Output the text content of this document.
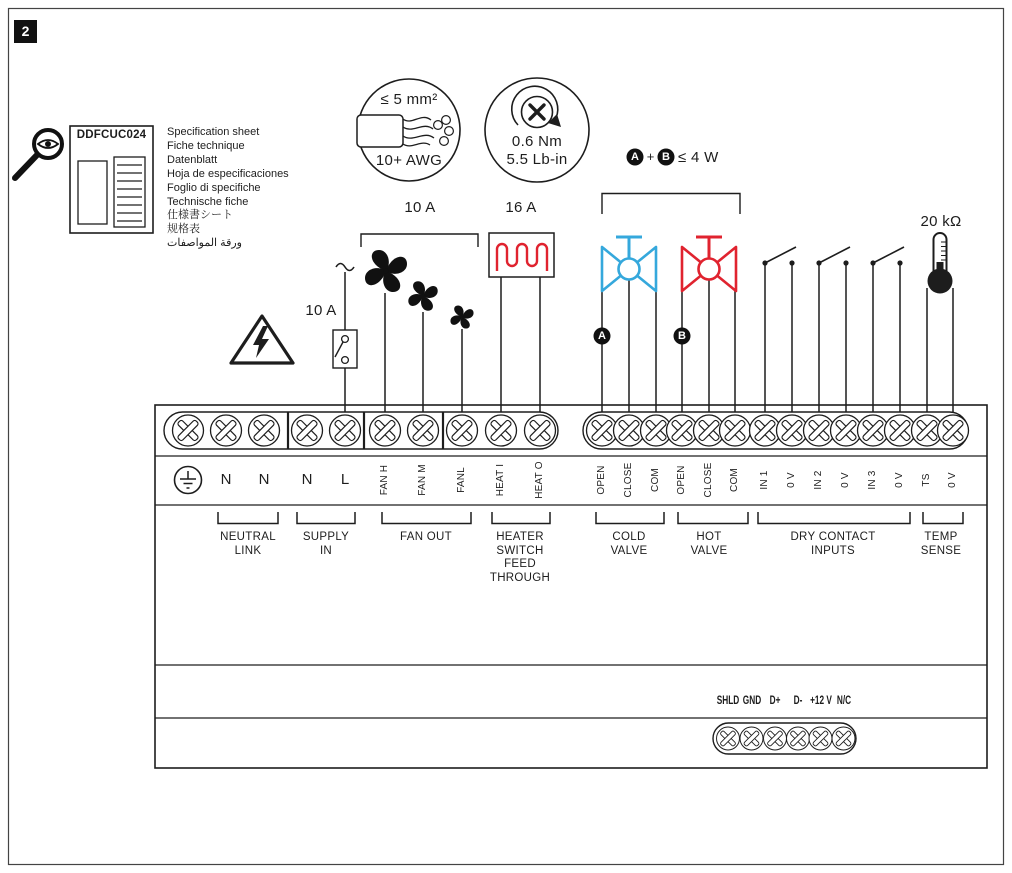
2
DDFCUC024	Specification sheet
Fiche technique
Datenblatt
Hoja de especificaciones
Foglio di specifiche
Technische fiche
仕様書シート
规格表
ورقة المواصفات
≤ 5 mm²
10+ AWG
0.6 Nm
5.5 Lb-in	A + B ≤ 4 W
10 A	16 A
10 A
20 kΩ
A	B
N	N	N	L	FAN H	FAN M	FANL	HEAT I	HEAT O	OPEN CLOSE COM OPEN CLOSE COM IN 1 0 V IN 2 0 V IN 3 0 V TS 0 V
NEUTRAL
LINK
SUPPLY
IN
FAN OUT	HEATER
SWITCH
FEED
THROUGH
COLD
VALVE
HOT
VALVE
DRY CONTACT
INPUTS
TEMP
SENSE
SHLD GND D+	D- +12 V N/C
